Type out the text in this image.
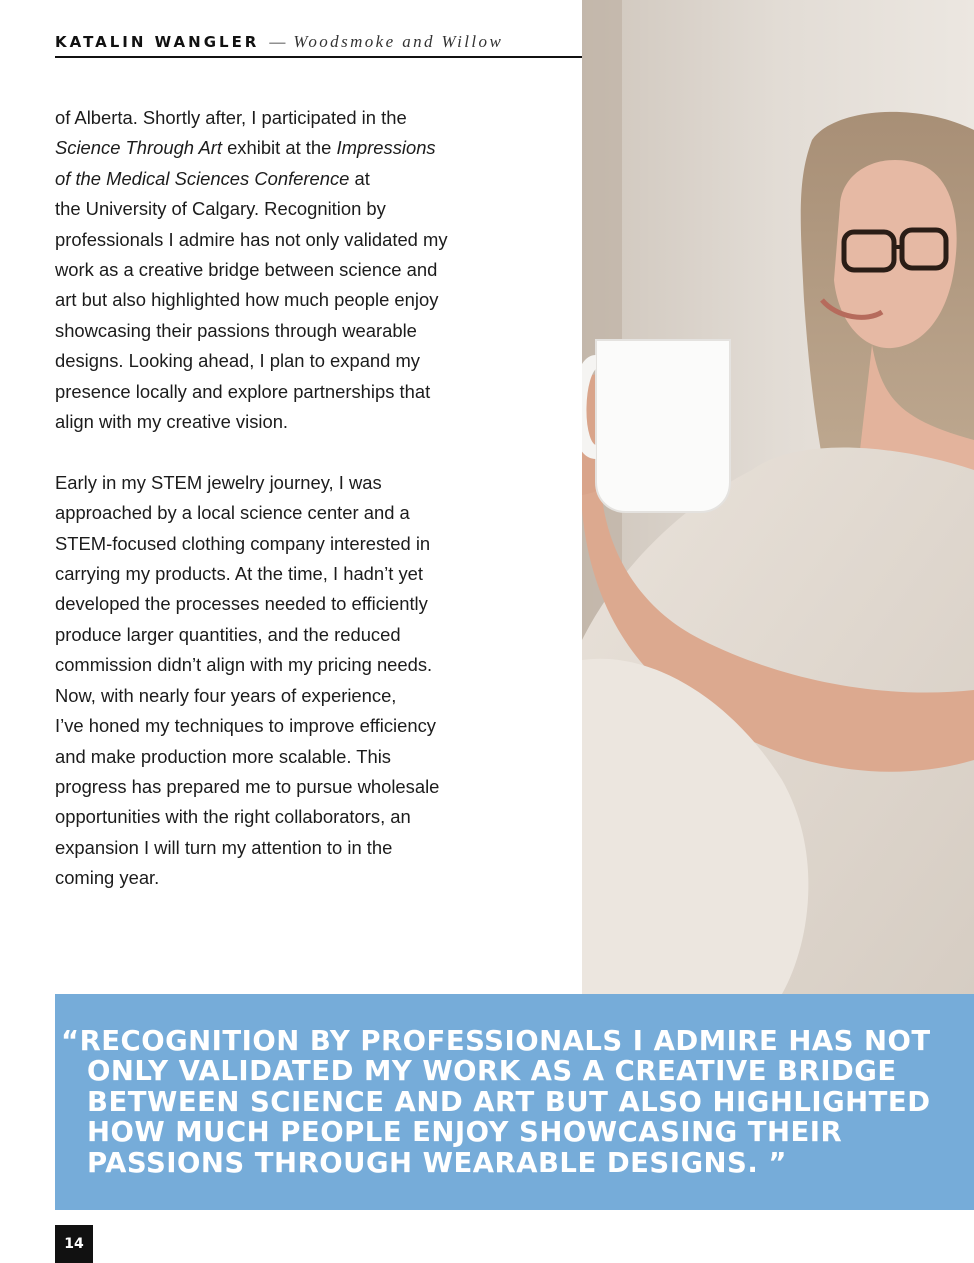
KATALIN WANGLER — Woodsmoke and Willow

of Alberta. Shortly after, I participated in the
Science Through Art exhibit at the Impressions
of the Medical Sciences Conference at
the University of Calgary. Recognition by
professionals I admire has not only validated my
work as a creative bridge between science and
art but also highlighted how much people enjoy
showcasing their passions through wearable
designs. Looking ahead, I plan to expand my
presence locally and explore partnerships that
align with my creative vision.

Early in my STEM jewelry journey, I was
approached by a local science center and a
STEM-focused clothing company interested in
carrying my products. At the time, I hadn’t yet
developed the processes needed to efficiently
produce larger quantities, and the reduced
commission didn’t align with my pricing needs.
Now, with nearly four years of experience,
I’ve honed my techniques to improve efficiency
and make production more scalable. This
progress has prepared me to pursue wholesale
opportunities with the right collaborators, an
expansion I will turn my attention to in the
coming year.

“RECOGNITION BY PROFESSIONALS I ADMIRE HAS NOT
ONLY VALIDATED MY WORK AS A CREATIVE BRIDGE
BETWEEN SCIENCE AND ART BUT ALSO HIGHLIGHTED
HOW MUCH PEOPLE ENJOY SHOWCASING THEIR
PASSIONS THROUGH WEARABLE DESIGNS. ”
14
